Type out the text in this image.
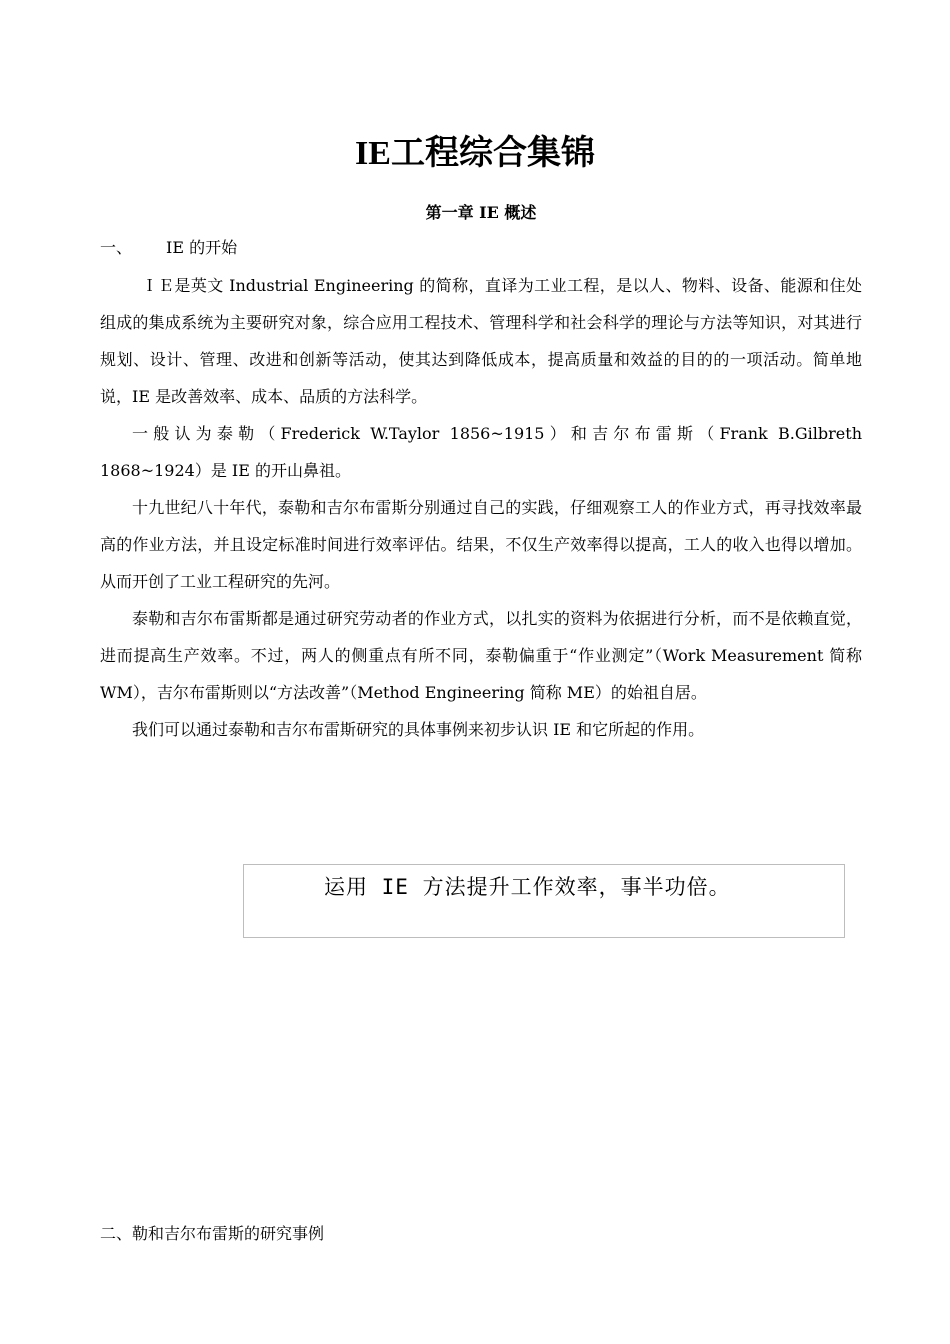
IE工程综合集锦
第一章 IE 概述
一、 IE 的开始

ＩＥ是英文 Industrial Engineering 的简称，直译为工业工程，是以人、物料、设备、能源和住处组成的集成系统为主要研究对象，综合应用工程技术、管理科学和社会科学的理论与方法等知识，对其进行规划、设计、管理、改进和创新等活动，使其达到降低成本，提高质量和效益的目的的一项活动。简单地说，IE 是改善效率、成本、品质的方法科学。

一般认为泰勒（Frederick W.Taylor 1856~1915）和吉尔布雷斯（Frank B.Gilbreth 1868~1924）是 IE 的开山鼻祖。

十九世纪八十年代，泰勒和吉尔布雷斯分别通过自己的实践，仔细观察工人的作业方式，再寻找效率最高的作业方法，并且设定标准时间进行效率评估。结果，不仅生产效率得以提高，工人的收入也得以增加。从而开创了工业工程研究的先河。

泰勒和吉尔布雷斯都是通过研究劳动者的作业方式，以扎实的资料为依据进行分析，而不是依赖直觉，进而提高生产效率。不过，两人的侧重点有所不同，泰勒偏重于“作业测定”（Work Measurement 简称 WM），吉尔布雷斯则以“方法改善”（Method Engineering 简称 ME）的始祖自居。

我们可以通过泰勒和吉尔布雷斯研究的具体事例来初步认识 IE 和它所起的作用。

运用 IE 方法提升工作效率，事半功倍。

二、勒和吉尔布雷斯的研究事例
